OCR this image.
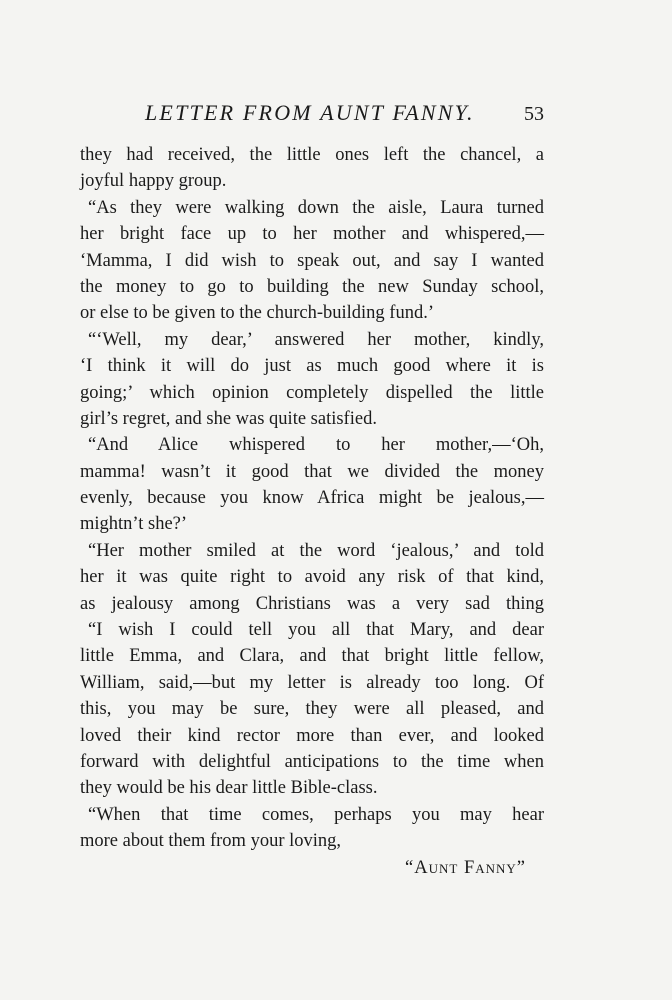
LETTER FROM AUNT FANNY. 53
they had received, the little ones left the chancel, a
joyful happy group.
“As they were walking down the aisle, Laura turned
her bright face up to her mother and whispered,—
‘Mamma, I did wish to speak out, and say I wanted
the money to go to building the new Sunday school,
or else to be given to the church-building fund.’
“‘Well, my dear,’ answered her mother, kindly,
‘I think it will do just as much good where it is
going;’ which opinion completely dispelled the little
girl’s regret, and she was quite satisfied.
“And Alice whispered to her mother,—‘Oh,
mamma! wasn’t it good that we divided the money
evenly, because you know Africa might be jealous,—
mightn’t she?’
“Her mother smiled at the word ‘jealous,’ and told
her it was quite right to avoid any risk of that kind,
as jealousy among Christians was a very sad thing
“I wish I could tell you all that Mary, and dear
little Emma, and Clara, and that bright little fellow,
William, said,—but my letter is already too long. Of
this, you may be sure, they were all pleased, and
loved their kind rector more than ever, and looked
forward with delightful anticipations to the time when
they would be his dear little Bible-class.
“When that time comes, perhaps you may hear
more about them from your loving,
“Aunt Fanny”
